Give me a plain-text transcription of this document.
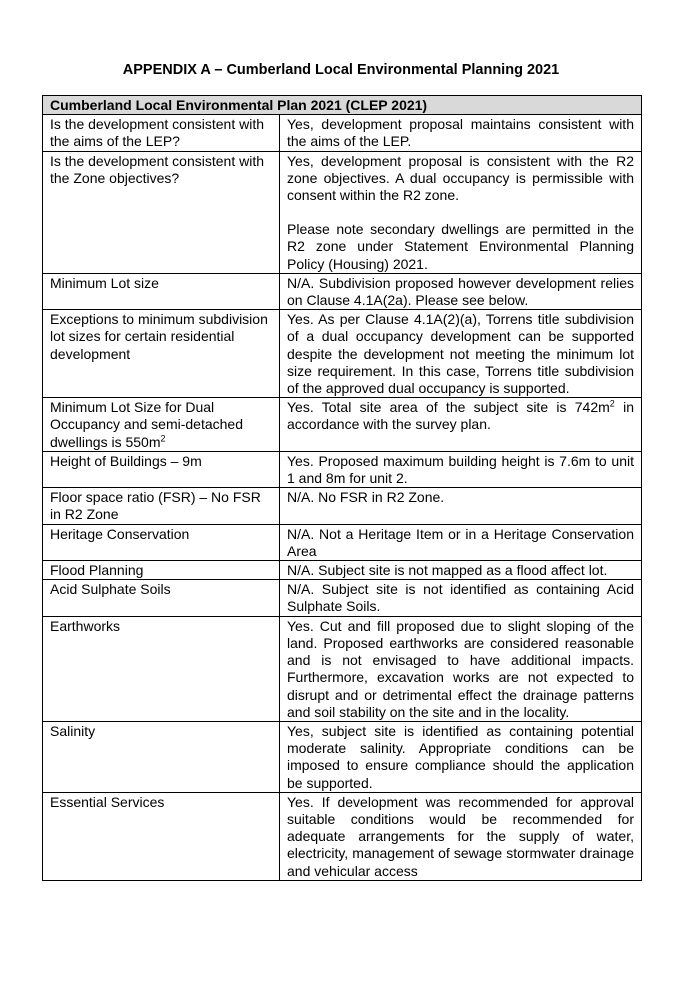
APPENDIX A – Cumberland Local Environmental Planning 2021
Cumberland Local Environmental Plan 2021 (CLEP 2021)	
Is the development consistent with the aims of the LEP?	Yes, development proposal maintains consistent with the aims of the LEP.

Is the development consistent with the Zone objectives?	Yes, development proposal is consistent with the R2 zone objectives. A dual occupancy is permissible with consent within the R2 zone.
Please note secondary dwellings are permitted in the R2 zone under Statement Environmental Planning Policy (Housing) 2021.

Minimum Lot size	N/A. Subdivision proposed however development relies on Clause 4.1A(2a). Please see below.

Exceptions to minimum subdivision lot sizes for certain residential development	Yes. As per Clause 4.1A(2)(a), Torrens title subdivision of a dual occupancy development can be supported despite the development not meeting the minimum lot size requirement. In this case, Torrens title subdivision of the approved dual occupancy is supported.

Minimum Lot Size for Dual Occupancy and semi-detached dwellings is $550m^2$	Yes. Total site area of the subject site is $742m^2$ in accordance with the survey plan.

Height of Buildings – 9m	Yes. Proposed maximum building height is 7.6m to unit 1 and 8m for unit 2.

Floor space ratio (FSR) – No FSR in R2 Zone	N/A. No FSR in R2 Zone.

Heritage Conservation	N/A. Not a Heritage Item or in a Heritage Conservation Area

Flood Planning	N/A. Subject site is not mapped as a flood affect lot.

Acid Sulphate Soils	N/A. Subject site is not identified as containing Acid Sulphate Soils.

Earthworks	Yes. Cut and fill proposed due to slight sloping of the land. Proposed earthworks are considered reasonable and is not envisaged to have additional impacts. Furthermore, excavation works are not expected to disrupt and or detrimental effect the drainage patterns and soil stability on the site and in the locality.

Salinity	Yes, subject site is identified as containing potential moderate salinity. Appropriate conditions can be imposed to ensure compliance should the application be supported.

Essential Services	Yes. If development was recommended for approval suitable conditions would be recommended for adequate arrangements for the supply of water, electricity, management of sewage stormwater drainage and vehicular access
